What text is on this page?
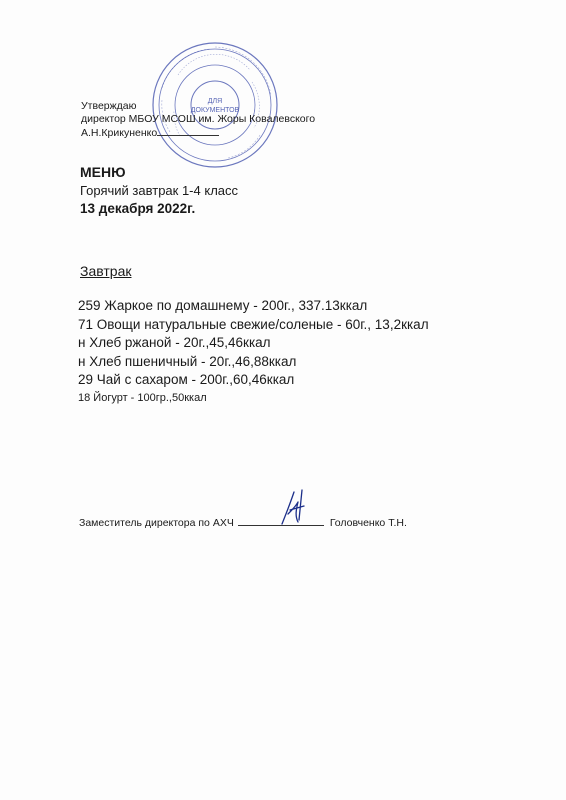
ДЛЯ
ДОКУМЕНТОВ
Утверждаю
директор МБОУ МСОШ им. Жоры Ковалевского
А.Н.Крикуненко
МЕНЮ
Горячий завтрак 1-4 класс
13 декабря 2022г.
Завтрак
259 Жаркое по домашнему - 200г., 337.13ккал
71 Овощи натуральные свежие/соленые - 60г., 13,2ккал
н Хлеб ржаной - 20г.,45,46ккал
н Хлеб пшеничный - 20г.,46,88ккал
29 Чай с сахаром - 200г.,60,46ккал
18 Йогурт - 100гр.,50ккал
Заместитель директора по АХЧ	Головченко Т.Н.
